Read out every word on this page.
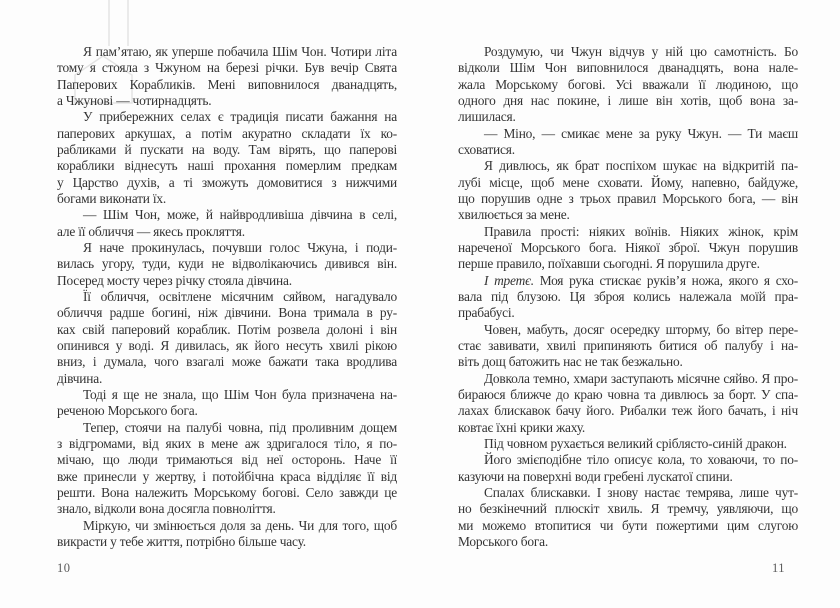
Я пам’ятаю, як уперше побачила Шім Чон. Чотири літа
тому я стояла з Чжуном на березі річки. Був вечір Свята
Паперових Корабликів. Мені виповнилося дванадцять,
а Чжунові — чотирнадцять.
У прибережних селах є традиція писати бажання на
паперових аркушах, а потім акуратно складати їх ко-
рабликами й пускати на воду. Там вірять, що паперові
кораблики віднесуть наші прохання померлим предкам
у Царство духів, а ті зможуть домовитися з нижчими
богами виконати їх.
— Шім Чон, може, й найвродливіша дівчина в селі,
але її обличчя — якесь прокляття.
Я наче прокинулась, почувши голос Чжуна, і поди-
вилась угору, туди, куди не відволікаючись дивився він.
Посеред мосту через річку стояла дівчина.
Її обличчя, освітлене місячним сяйвом, нагадувало
обличчя радше богині, ніж дівчини. Вона тримала в ру-
ках свій паперовий кораблик. Потім розвела долоні і він
опинився у воді. Я дивилась, як його несуть хвилі рікою
вниз, і думала, чого взагалі може бажати така вродлива
дівчина.
Тоді я ще не знала, що Шім Чон була призначена на-
реченою Морського бога.
Тепер, стоячи на палубі човна, під проливним дощем
з відгромами, від яких в мене аж здригалося тіло, я по-
мічаю, що люди тримаються від неї осторонь. Наче її
вже принесли у жертву, і потойбічна краса відділяє її від
решти. Вона належить Морському богові. Село завжди це
знало, відколи вона досягла повноліття.
Міркую, чи змінюється доля за день. Чи для того, щоб
викрасти у тебе життя, потрібно більше часу.
Роздумую, чи Чжун відчув у ній цю самотність. Бо
відколи Шім Чон виповнилося дванадцять, вона нале-
жала Морському богові. Усі вважали її людиною, що
одного дня нас покине, і лише він хотів, щоб вона за-
лишилася.
— Міно, — смикає мене за руку Чжун. — Ти маєш
сховатися.
Я дивлюсь, як брат поспіхом шукає на відкритій па-
лубі місце, щоб мене сховати. Йому, напевно, байдуже,
що порушив одне з трьох правил Морського бога, — він
хвилюється за мене.
Правила прості: ніяких воїнів. Ніяких жінок, крім
нареченої Морського бога. Ніякої зброї. Чжун порушив
перше правило, поїхавши сьогодні. Я порушила друге.
І третє. Моя рука стискає руків’я ножа, якого я схо-
вала під блузою. Ця зброя колись належала моїй пра-
прабабусі.
Човен, мабуть, досяг осередку шторму, бо вітер пере-
стає завивати, хвилі припиняють битися об палубу і на-
віть дощ батожить нас не так безжально.
Довкола темно, хмари заступають місячне сяйво. Я про-
бираюся ближче до краю човна та дивлюсь за борт. У спа-
лахах блискавок бачу його. Рибалки теж його бачать, і ніч
ковтає їхні крики жаху.
Під човном рухається великий сріблясто-синій дракон.
Його змієподібне тіло описує кола, то ховаючи, то по-
казуючи на поверхні води гребені лускатої спини.
Спалах блискавки. І знову настає темрява, лише чут-
но безкінечний плюскіт хвиль. Я тремчу, уявляючи, що
ми можемо втопитися чи бути пожертими цим слугою
Морського бога.
10	11
